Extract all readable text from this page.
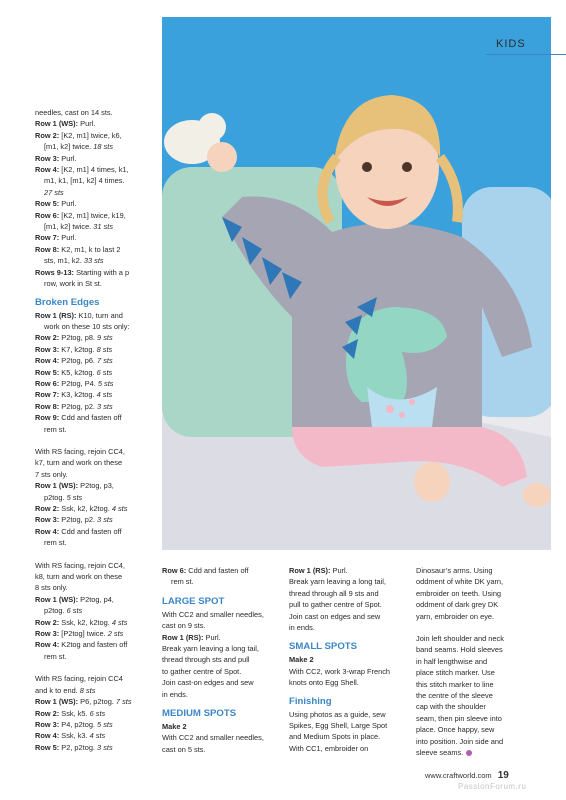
KIDS

needles, cast on 14 sts.

Row 1 (WS): Purl.

Row 2: [K2, m1] twice, k6,

[m1, k2] twice. 18 sts

Row 3: Purl.

Row 4: [K2, m1] 4 times, k1,

m1, k1, [m1, k2] 4 times.

27 sts

Row 5: Purl.

Row 6: [K2, m1] twice, k19,

[m1, k2] twice. 31 sts

Row 7: Purl.

Row 8: K2, m1, k to last 2

sts, m1, k2. 33 sts

Rows 9-13: Starting with a p

row, work in St st.

Broken Edges

Row 1 (RS): K10, turn and

work on these 10 sts only:

Row 2: P2tog, p8. 9 sts

Row 3: K7, k2tog. 8 sts

Row 4: P2tog, p6. 7 sts

Row 5: K5, k2tog. 6 sts

Row 6: P2tog, P4. 5 sts

Row 7: K3, k2tog. 4 sts

Row 8: P2tog, p2. 3 sts

Row 9: Cdd and fasten off

rem st.

With RS facing, rejoin CC4,

k7, turn and work on these

7 sts only.

Row 1 (WS): P2tog, p3,

p2tog. 5 sts

Row 2: Ssk, k2, k2tog. 4 sts

Row 3: P2tog, p2. 3 sts

Row 4: Cdd and fasten off

rem st.

With RS facing, rejoin CC4,

k8, turn and work on these

8 sts only.

Row 1 (WS): P2tog, p4,

p2tog. 6 sts

Row 2: Ssk, k2, k2tog. 4 sts

Row 3: [P2tog] twice. 2 sts

Row 4: K2tog and fasten off

rem st.

With RS facing, rejoin CC4

and k to end. 8 sts

Row 1 (WS): P6, p2tog. 7 sts

Row 2: Ssk, k5. 6 sts

Row 3: P4, p2tog. 5 sts

Row 4: Ssk, k3. 4 sts

Row 5: P2, p2tog. 3 sts

Row 6: Cdd and fasten off

rem st.

LARGE SPOT

With CC2 and smaller needles,

cast on 9 sts.

Row 1 (RS): Purl.

Break yarn leaving a long tail,

thread through sts and pull

to gather centre of Spot.

Join cast-on edges and sew

in ends.

MEDIUM SPOTS

Make 2

With CC2 and smaller needles,

cast on 5 sts.

Row 1 (RS): Purl.

Break yarn leaving a long tail,

thread through all 9 sts and

pull to gather centre of Spot.

Join cast on edges and sew

in ends.

SMALL SPOTS

Make 2

With CC2, work 3-wrap French

knots onto Egg Shell.

Finishing

Using photos as a guide, sew

Spikes, Egg Shell, Large Spot

and Medium Spots in place.

With CC1, embroider on

Dinosaur’s arms. Using

oddment of white DK yarn,

embroider on teeth. Using

oddment of dark grey DK

yarn, embroider on eye.

Join left shoulder and neck

band seams. Hold sleeves

in half lengthwise and

place stitch marker. Use

this stitch marker to line

the centre of the sleeve

cap with the shoulder

seam, then pin sleeve into

place. Once happy, sew

into position. Join side and

sleeve seams.

www.craftworld.com 19
PassionForum.ru
